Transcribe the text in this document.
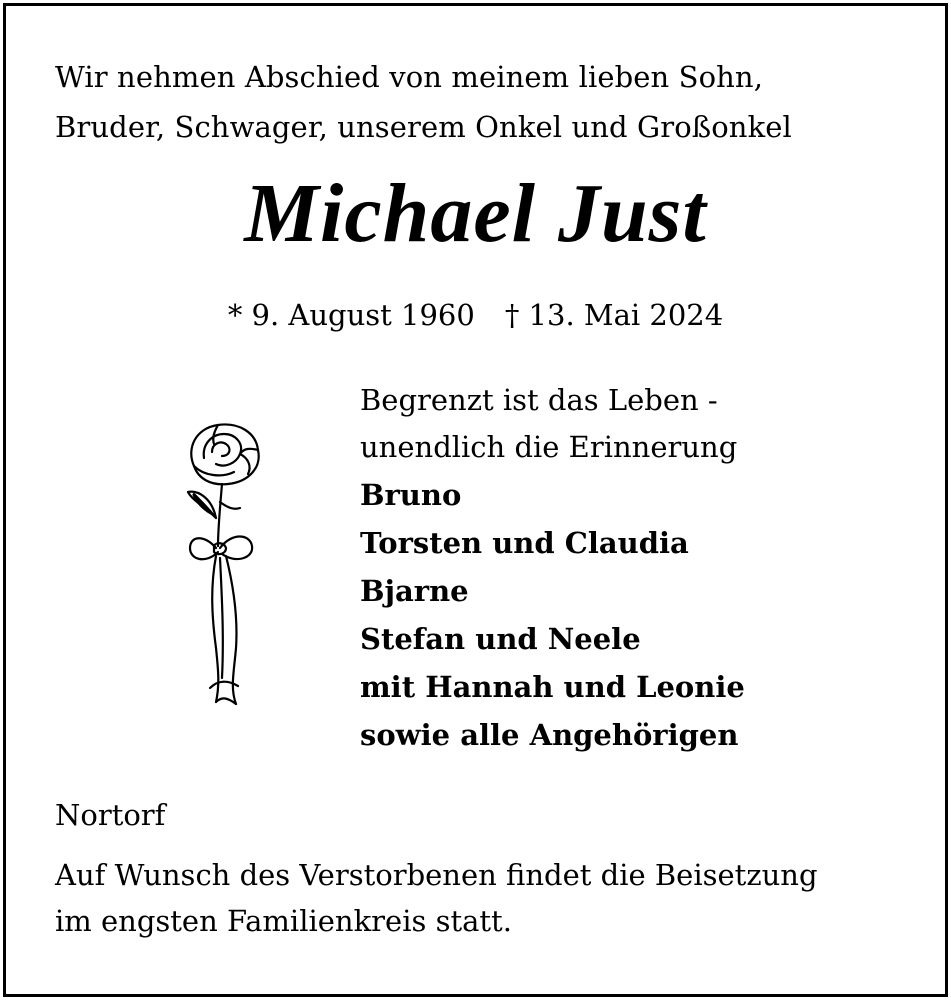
Wir nehmen Abschied von meinem lieben Sohn,
Bruder, Schwager, unserem Onkel und Großonkel
Michael Just
* 9. August 1960 † 13. Mai 2024
Begrenzt ist das Leben -
unendlich die Erinnerung
Bruno
Torsten und Claudia
Bjarne
Stefan und Neele
mit Hannah und Leonie
sowie alle Angehörigen
Nortorf
Auf Wunsch des Verstorbenen findet die Beisetzung
im engsten Familienkreis statt.
